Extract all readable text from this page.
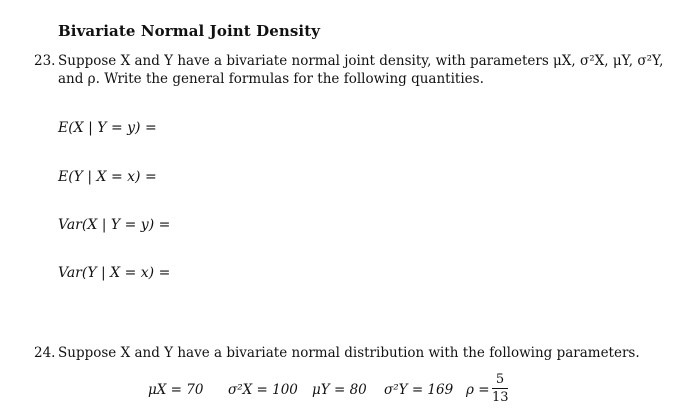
Bivariate Normal Joint Density
23. Suppose X and Y have a bivariate normal joint density, with parameters μX, σ²X, μY, σ²Y,
and ρ. Write the general formulas for the following quantities.
E(X | Y = y) =
E(Y | X = x) =
Var(X | Y = y) =
Var(Y | X = x) =
24. Suppose X and Y have a bivariate normal distribution with the following parameters.
μX = 70 σ²X = 100 μY = 80 σ²Y = 169 ρ =
5
13
